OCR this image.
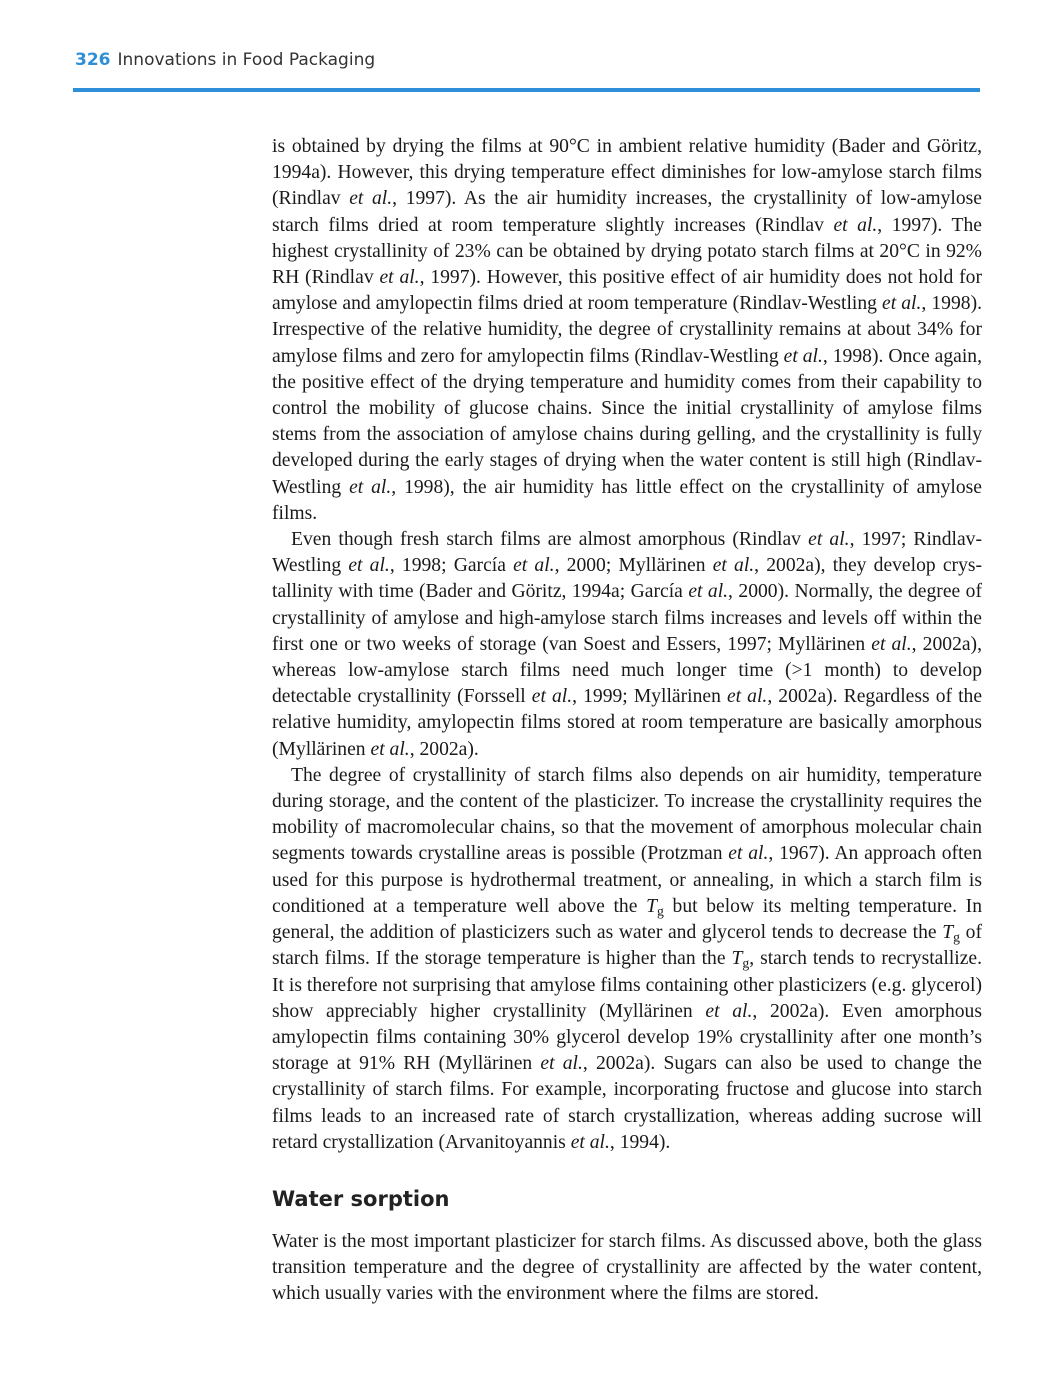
326 Innovations in Food Packaging

is obtained by drying the films at 90°C in ambient relative humidity (Bader and Göritz, 1994a). However, this drying temperature effect diminishes for low-amylose starch films (Rindlav et al., 1997). As the air humidity increases, the crystallinity of low-amylose starch films dried at room temperature slightly increases (Rindlav et al., 1997). The highest crystallinity of 23% can be obtained by drying potato starch films at 20°C in 92% RH (Rindlav et al., 1997). However, this positive effect of air humidity does not hold for amylose and amylopectin films dried at room temperature (Rindlav-Westling et al., 1998). Irrespective of the relative humidity, the degree of crystallinity remains at about 34% for amylose films and zero for amylopectin films (Rindlav-Westling et al., 1998). Once again, the positive effect of the drying temperature and humidity comes from their capability to control the mobility of glucose chains. Since the initial crystallinity of amylose films stems from the association of amylose chains during gelling, and the crystallinity is fully developed during the early stages of drying when the water content is still high (Rindlav-Westling et al., 1998), the air humidity has little effect on the crystallinity of amylose films.

Even though fresh starch films are almost amorphous (Rindlav et al., 1997; Rindlav-Westling et al., 1998; García et al., 2000; Myllärinen et al., 2002a), they develop crystallinity with time (Bader and Göritz, 1994a; García et al., 2000). Normally, the degree of crystallinity of amylose and high-amylose starch films increases and levels off within the first one or two weeks of storage (van Soest and Essers, 1997; Myllärinen et al., 2002a), whereas low-amylose starch films need much longer time (>1 month) to develop detectable crystallinity (Forssell et al., 1999; Myllärinen et al., 2002a). Regardless of the relative humidity, amylopectin films stored at room temperature are basically amorphous (Myllärinen et al., 2002a).

The degree of crystallinity of starch films also depends on air humidity, temperature during storage, and the content of the plasticizer. To increase the crystallinity requires the mobility of macromolecular chains, so that the movement of amorphous molecular chain segments towards crystalline areas is possible (Protzman et al., 1967). An approach often used for this purpose is hydrothermal treatment, or annealing, in which a starch film is conditioned at a temperature well above the $T_g$ but below its melting temperature. In general, the addition of plasticizers such as water and glycerol tends to decrease the $T_g$ of starch films. If the storage temperature is higher than the $T_g$, starch tends to recrystallize. It is therefore not surprising that amylose films containing other plasticizers (e.g. glycerol) show appreciably higher crystallinity (Myllärinen et al., 2002a). Even amorphous amylopectin films containing 30% glycerol develop 19% crystallinity after one month’s storage at 91% RH (Myllärinen et al., 2002a). Sugars can also be used to change the crystallinity of starch films. For example, incorporating fructose and glucose into starch films leads to an increased rate of starch crystallization, whereas adding sucrose will retard crystallization (Arvanitoyannis et al., 1994).

Water sorption

Water is the most important plasticizer for starch films. As discussed above, both the glass transition temperature and the degree of crystallinity are affected by the water content, which usually varies with the environment where the films are stored.
